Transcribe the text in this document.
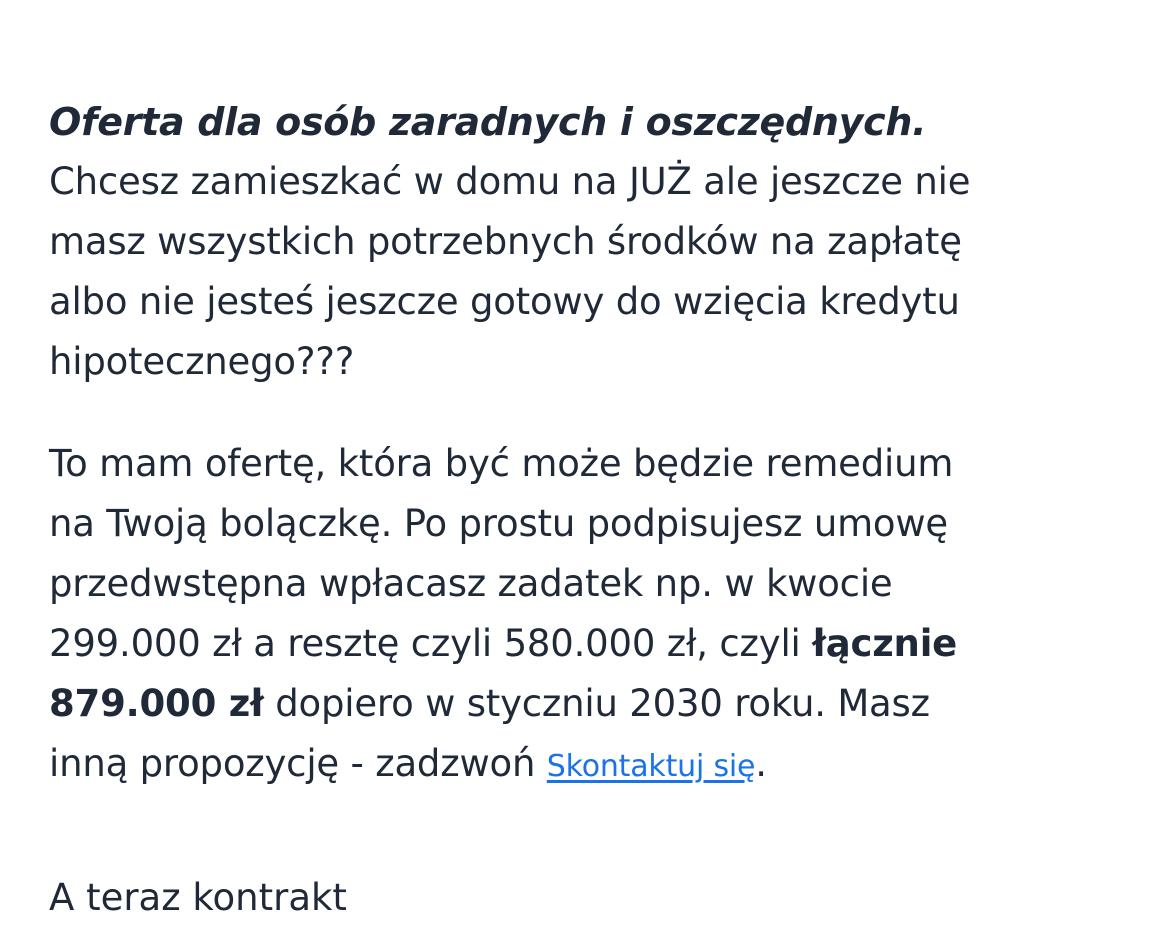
Oferta dla osób zaradnych i oszczędnych.

Chcesz zamieszkać w domu na JUŻ ale jeszcze nie
masz wszystkich potrzebnych środków na zapłatę
albo nie jesteś jeszcze gotowy do wzięcia kredytu
hipotecznego???

To mam ofertę, która być może będzie remedium
na Twoją bolączkę. Po prostu podpisujesz umowę
przedwstępna wpłacasz zadatek np. w kwocie
299.000 zł a resztę czyli 580.000 zł, czyli łącznie
879.000 zł dopiero w styczniu 2030 roku. Masz
inną propozycję - zadzwoń Skontaktuj się.

A teraz kontrakt
